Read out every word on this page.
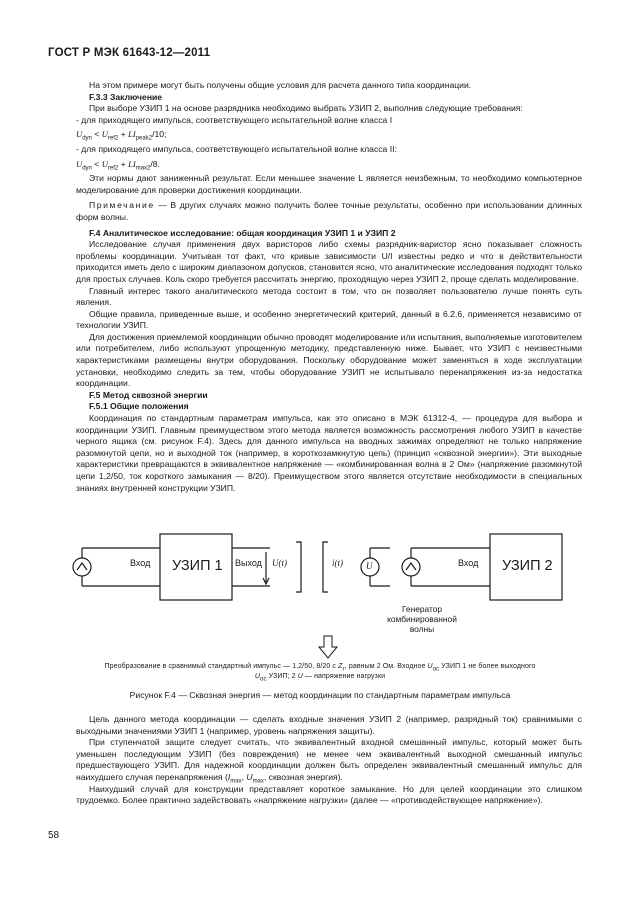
ГОСТ Р МЭК 61643-12—2011

На этом примере могут быть получены общие условия для расчета данного типа координации.

F.3.3 Заключение

При выборе УЗИП 1 на основе разрядника необходимо выбрать УЗИП 2, выполнив следующие требования:

- для приходящего импульса, соответствующего испытательной волне класса I

$U_{dyn} < U_{ref2} + LI_{peak2}/10$;

- для приходящего импульса, соответствующего испытательной волне класса II:

$U_{dyn} < U_{ref2} + LI_{max2}/8$.

Эти нормы дают заниженный результат. Если меньшее значение L является неизбежным, то необходимо компьютерное моделирование для проверки достижения координации.

Примечание — В других случаях можно получить более точные результаты, особенно при использовании длинных форм волны.

F.4 Аналитическое исследование: общая координация УЗИП 1 и УЗИП 2

Исследование случая применения двух варисторов либо схемы разрядник-варистор ясно показывает сложность проблемы координации. Учитывая тот факт, что кривые зависимости U/I известны редко и что в действительности приходится иметь дело с широким диапазоном допусков, становится ясно, что аналитические исследования подходят только для простых случаев. Коль скоро требуется рассчитать энергию, проходящую через УЗИП 2, проще сделать моделирование.

Главный интерес такого аналитического метода состоит в том, что он позволяет пользователю лучше понять суть явления.

Общие правила, приведенные выше, и особенно энергетический критерий, данный в 6.2.6, применяется независимо от технологии УЗИП.

Для достижения приемлемой координации обычно проводят моделирование или испытания, выполняемые изготовителем или потребителем, либо используют упрощенную методику, представленную ниже. Бывает, что УЗИП с неизвестными характеристиками размещены внутри оборудования. Поскольку оборудование может заменяться в ходе эксплуатации установки, необходимо следить за тем, чтобы оборудование УЗИП не испытывало перенапряжения из-за недостатка координации.

F.5 Метод сквозной энергии

F.5.1 Общие положения

Координация по стандартным параметрам импульса, как это описано в МЭК 61312-4, — процедура для выбора и координации УЗИП. Главным преимуществом этого метода является возможность рассмотрения любого УЗИП в качестве черного ящика (см. рисунок F.4). Здесь для данного импульса на вводных зажимах определяют не только напряжение разомкнутой цепи, но и выходной ток (например, в короткозамкнутую цепь) (принцип «сквозной энергии»). Эти выходные характеристики превращаются в эквивалентное напряжение — «комбинированная волна в 2 Ом» (напряжение разомкнутой цепи 1,2/50, ток короткого замыкания — 8/20). Преимуществом этого является отсутствие необходимости в специальных знаниях внутренней конструкции УЗИП.

Вход УЗИП 1 Выход U(t)	i(t)	U	Вход УЗИП 2
Генератор
комбинированной
волны
Преобразование в сравнимый стандартный импульс — 1,2/50, 8/20 с $Z_г$, равным 2 Ом. Входное $U_{ос}$ УЗИП 1 не более выходного
$U_{ос}$ УЗИП; 2 U — напряжение нагрузки
Рисунок F.4 — Сквозная энергия — метод координации по стандартным параметрам импульса

Цель данного метода координации — сделать входные значения УЗИП 2 (например, разрядный ток) сравнимыми с выходными значениями УЗИП 1 (например, уровень напряжения защиты).

При ступенчатой защите следует считать, что эквивалентный входной смешанный импульс, который может быть уменьшен последующим УЗИП (без повреждения) не менее чем эквивалентный выходной смешанный импульс предшествующего УЗИП. Для надежной координации должен быть определен эквивалентный смешанный импульс для наихудшего случая перенапряжения ($I_{max}$, $U_{max}$, сквозная энергия).

Наихудший случай для конструкции представляет короткое замыкание. Но для целей координации это слишком трудоемко. Более практично задействовать «напряжение нагрузки» (далее — «противодействующее напряжение»).

58
